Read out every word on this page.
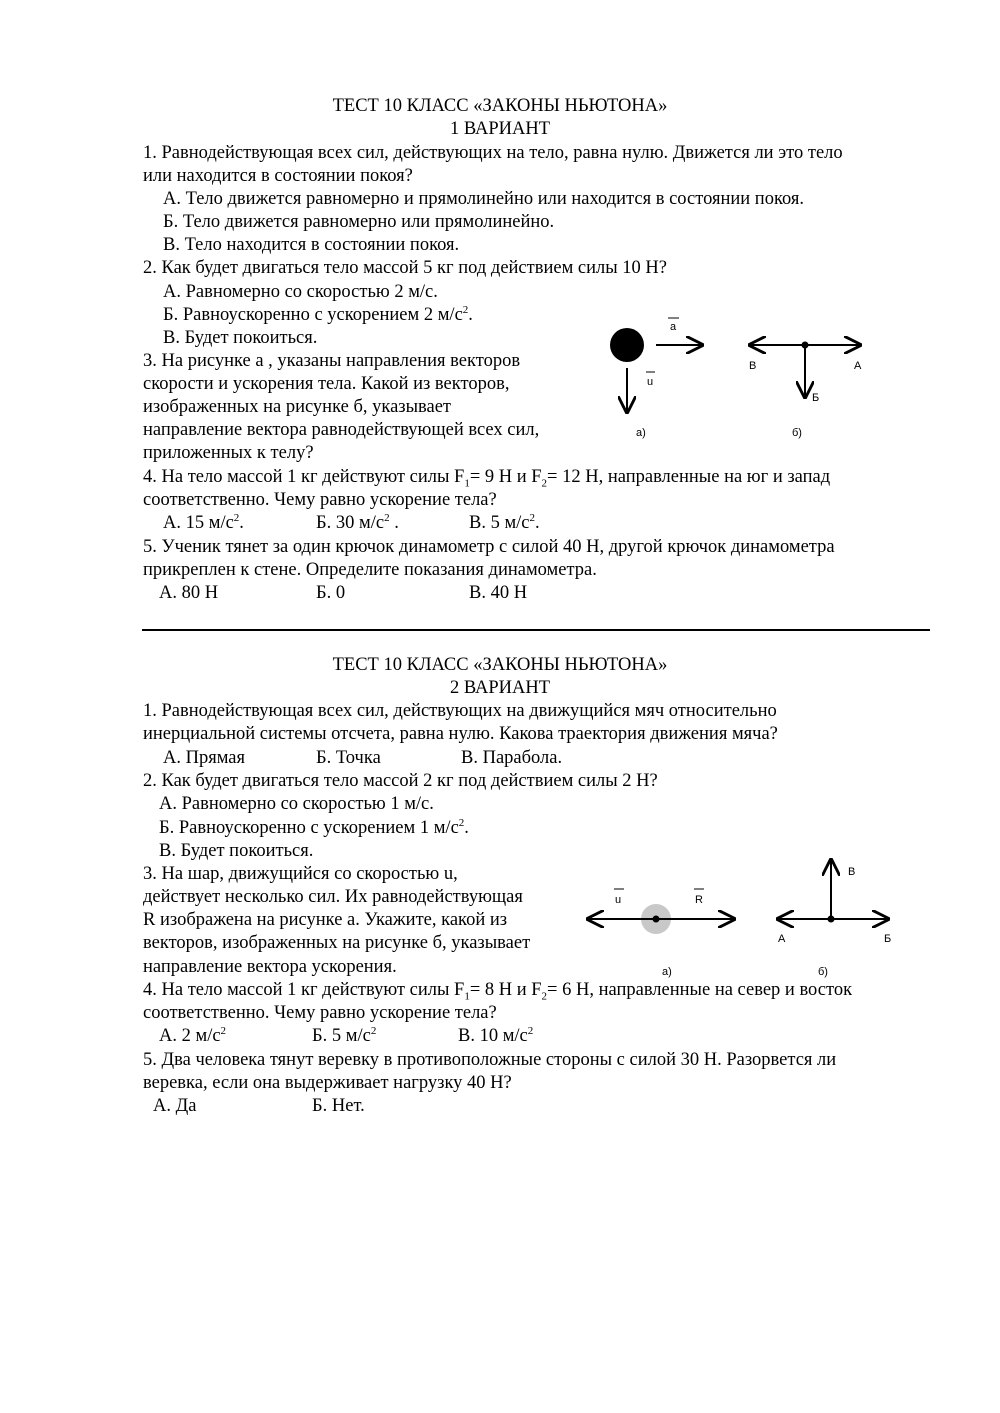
ТЕСТ 10 КЛАСС «ЗАКОНЫ НЬЮТОНА»
1 ВАРИАНТ
1. Равнодействующая всех сил, действующих на тело, равна нулю. Движется ли это тело
или находится в состоянии покоя?
А. Тело движется равномерно и прямолинейно или находится в состоянии покоя.
Б. Тело движется равномерно или прямолинейно.
В. Тело находится в состоянии покоя.
2. Как будет двигаться тело массой 5 кг под действием силы 10 Н?
А. Равномерно со скоростью 2 м/с.
Б. Равноускоренно с ускорением 2 $м/с^2$.
В. Будет покоиться.
3. На рисунке а , указаны направления векторов
скорости и ускорения тела. Какой из векторов,
изображенных на рисунке б, указывает
направление вектора равнодействующей всех сил,
приложенных к телу?
a
u
а)
В	А
Б
б)
4. На тело массой 1 кг действуют силы $F_1= 9$ Н и $F_2= 12$ Н, направленные на юг и запад
соответственно. Чему равно ускорение тела?
А. 15 $м/с^2$.	Б. 30 $м/с^2$ .	В. 5 $м/с^2$.
5. Ученик тянет за один крючок динамометр с силой 40 Н, другой крючок динамометра
прикреплен к стене. Определите показания динамометра.
А. 80 Н	Б. 0	В. 40 Н
ТЕСТ 10 КЛАСС «ЗАКОНЫ НЬЮТОНА»
2 ВАРИАНТ
1. Равнодействующая всех сил, действующих на движущийся мяч относительно
инерциальной системы отсчета, равна нулю. Какова траектория движения мяча?
А. Прямая	Б. Точка	В. Парабола.
2. Как будет двигаться тело массой 2 кг под действием силы 2 Н?
А. Равномерно со скоростью 1 м/с.
Б. Равноускоренно с ускорением 1 $м/с^2$.
В. Будет покоиться.
3. На шар, движущийся со скоростью u,
действует несколько сил. Их равнодействующая
R изображена на рисунке а. Укажите, какой из
векторов, изображенных на рисунке б, указывает
направление вектора ускорения.
u	R
а)
В
А	Б
б)
4. На тело массой 1 кг действуют силы $F_1= 8$ Н и $F_2= 6$ Н, направленные на север и восток
соответственно. Чему равно ускорение тела?
А. 2 $м/с^2$	Б. 5 $м/с^2$	В. 10 $м/с^2$
5. Два человека тянут веревку в противоположные стороны с силой 30 Н. Разорвется ли
веревка, если она выдерживает нагрузку 40 Н?
А. Да	Б. Нет.
